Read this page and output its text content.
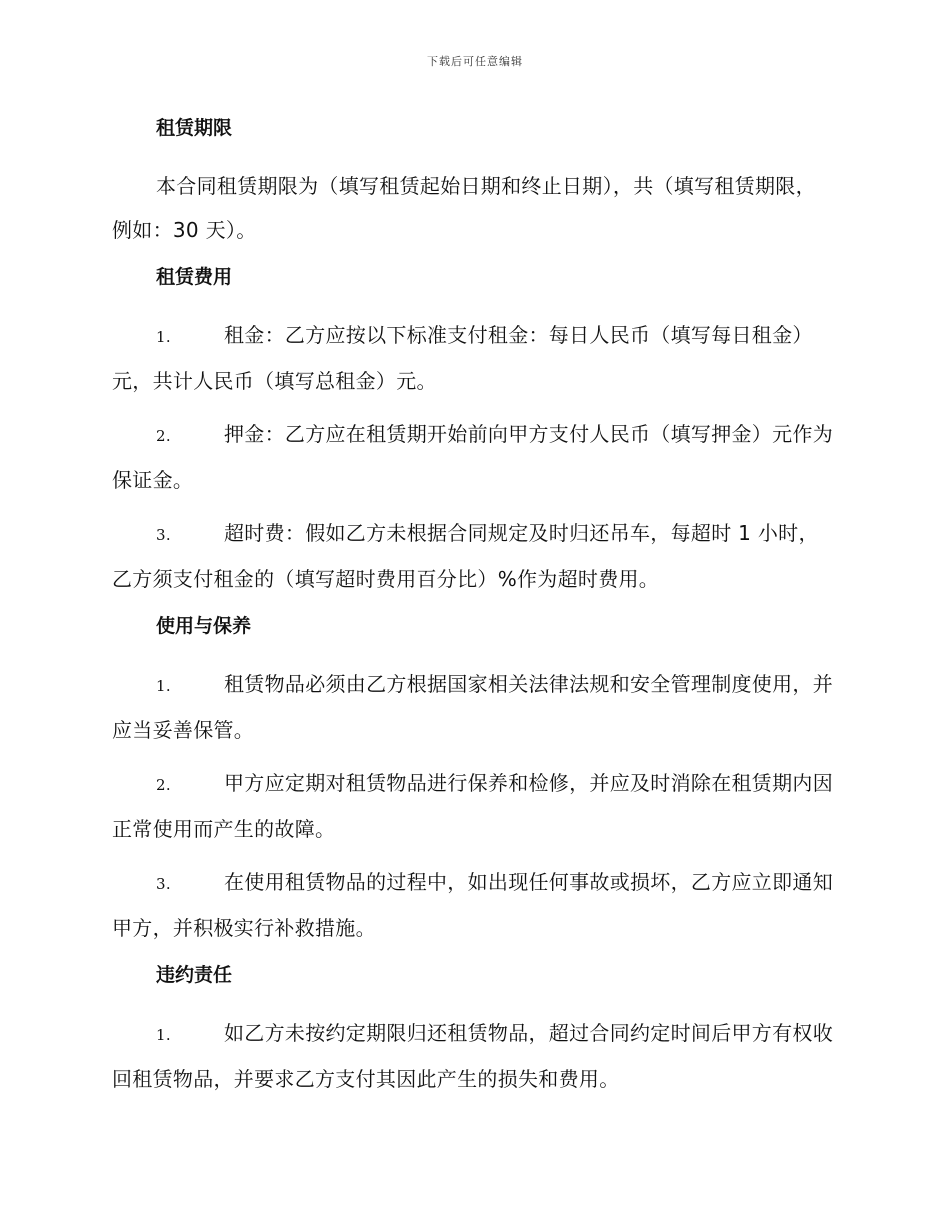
下载后可任意编辑
租赁期限
本合同租赁期限为（填写租赁起始日期和终止日期），共（填写租赁期限，例如：30 天）。
租赁费用
1.	租金：乙方应按以下标准支付租金：每日人民币（填写每日租金）元，共计人民币（填写总租金）元。
2.	押金：乙方应在租赁期开始前向甲方支付人民币（填写押金）元作为保证金。
3.	超时费：假如乙方未根据合同规定及时归还吊车，每超时 1 小时，乙方须支付租金的（填写超时费用百分比）%作为超时费用。
使用与保养
1.	租赁物品必须由乙方根据国家相关法律法规和安全管理制度使用，并应当妥善保管。
2.	甲方应定期对租赁物品进行保养和检修，并应及时消除在租赁期内因正常使用而产生的故障。
3.	在使用租赁物品的过程中，如出现任何事故或损坏，乙方应立即通知甲方，并积极实行补救措施。
违约责任
1.	如乙方未按约定期限归还租赁物品，超过合同约定时间后甲方有权收回租赁物品，并要求乙方支付其因此产生的损失和费用。
